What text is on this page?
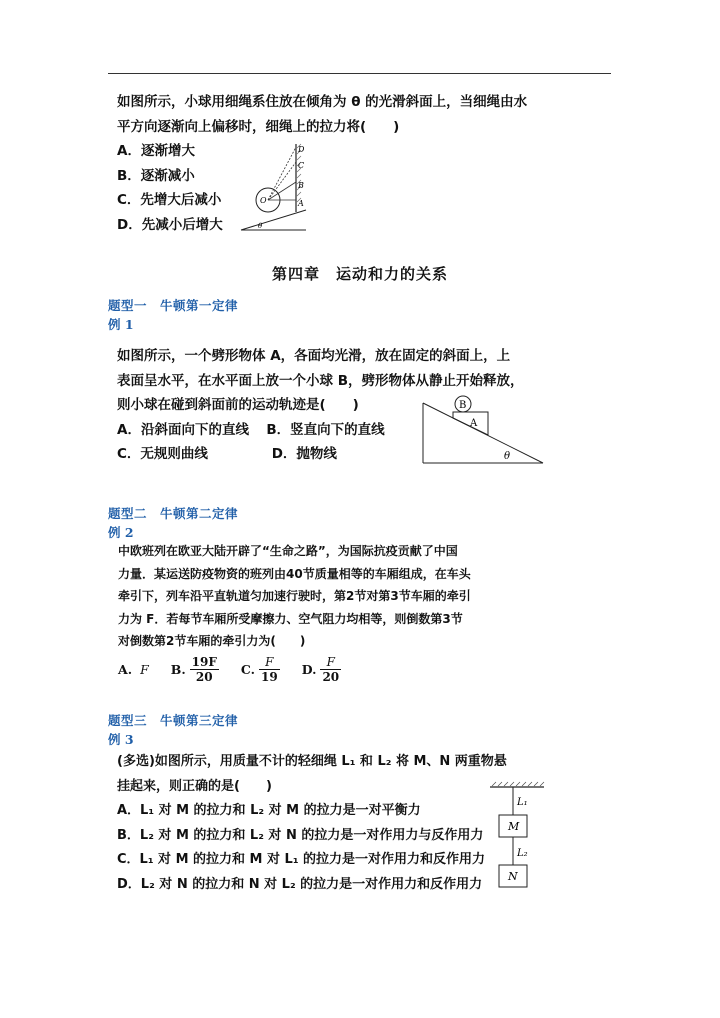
如图所示，小球用细绳系住放在倾角为 θ 的光滑斜面上，当细绳由水
平方向逐渐向上偏移时，细绳上的拉力将(　　)
A．逐渐增大
B．逐渐减小
C．先增大后减小
D．先减小后增大
D
C
B
A
O
θ
第四章　运动和力的关系
题型一　牛顿第一定律
例 1
如图所示，一个劈形物体 A，各面均光滑，放在固定的斜面上，上
表面呈水平，在水平面上放一个小球 B，劈形物体从静止开始释放，
则小球在碰到斜面前的运动轨迹是(　　)
A．沿斜面向下的直线 B．竖直向下的直线
C．无规则曲线	D．抛物线
B
A
θ
题型二　牛顿第二定律
例 2
中欧班列在欧亚大陆开辟了“生命之路”，为国际抗疫贡献了中国
力量．某运送防疫物资的班列由40节质量相等的车厢组成，在车头
牵引下，列车沿平直轨道匀加速行驶时，第2节对第3节车厢的牵引
力为 F．若每节车厢所受摩擦力、空气阻力均相等，则倒数第3节
对倒数第2节车厢的牵引力为(　　)
A. F B. $\frac{19F}{20} C$. $\frac{F}{19} D$. $\frac{F}{20}$
题型三　牛顿第三定律
例 3
(多选)如图所示，用质量不计的轻细绳 L₁ 和 L₂ 将 M、N 两重物悬
挂起来，则正确的是(　　)
A．L₁ 对 M 的拉力和 L₂ 对 M 的拉力是一对平衡力
B．L₂ 对 M 的拉力和 L₂ 对 N 的拉力是一对作用力与反作用力
C．L₁ 对 M 的拉力和 M 对 L₁ 的拉力是一对作用力和反作用力
D．L₂ 对 N 的拉力和 N 对 L₂ 的拉力是一对作用力和反作用力
L₁
M
L₂
N
